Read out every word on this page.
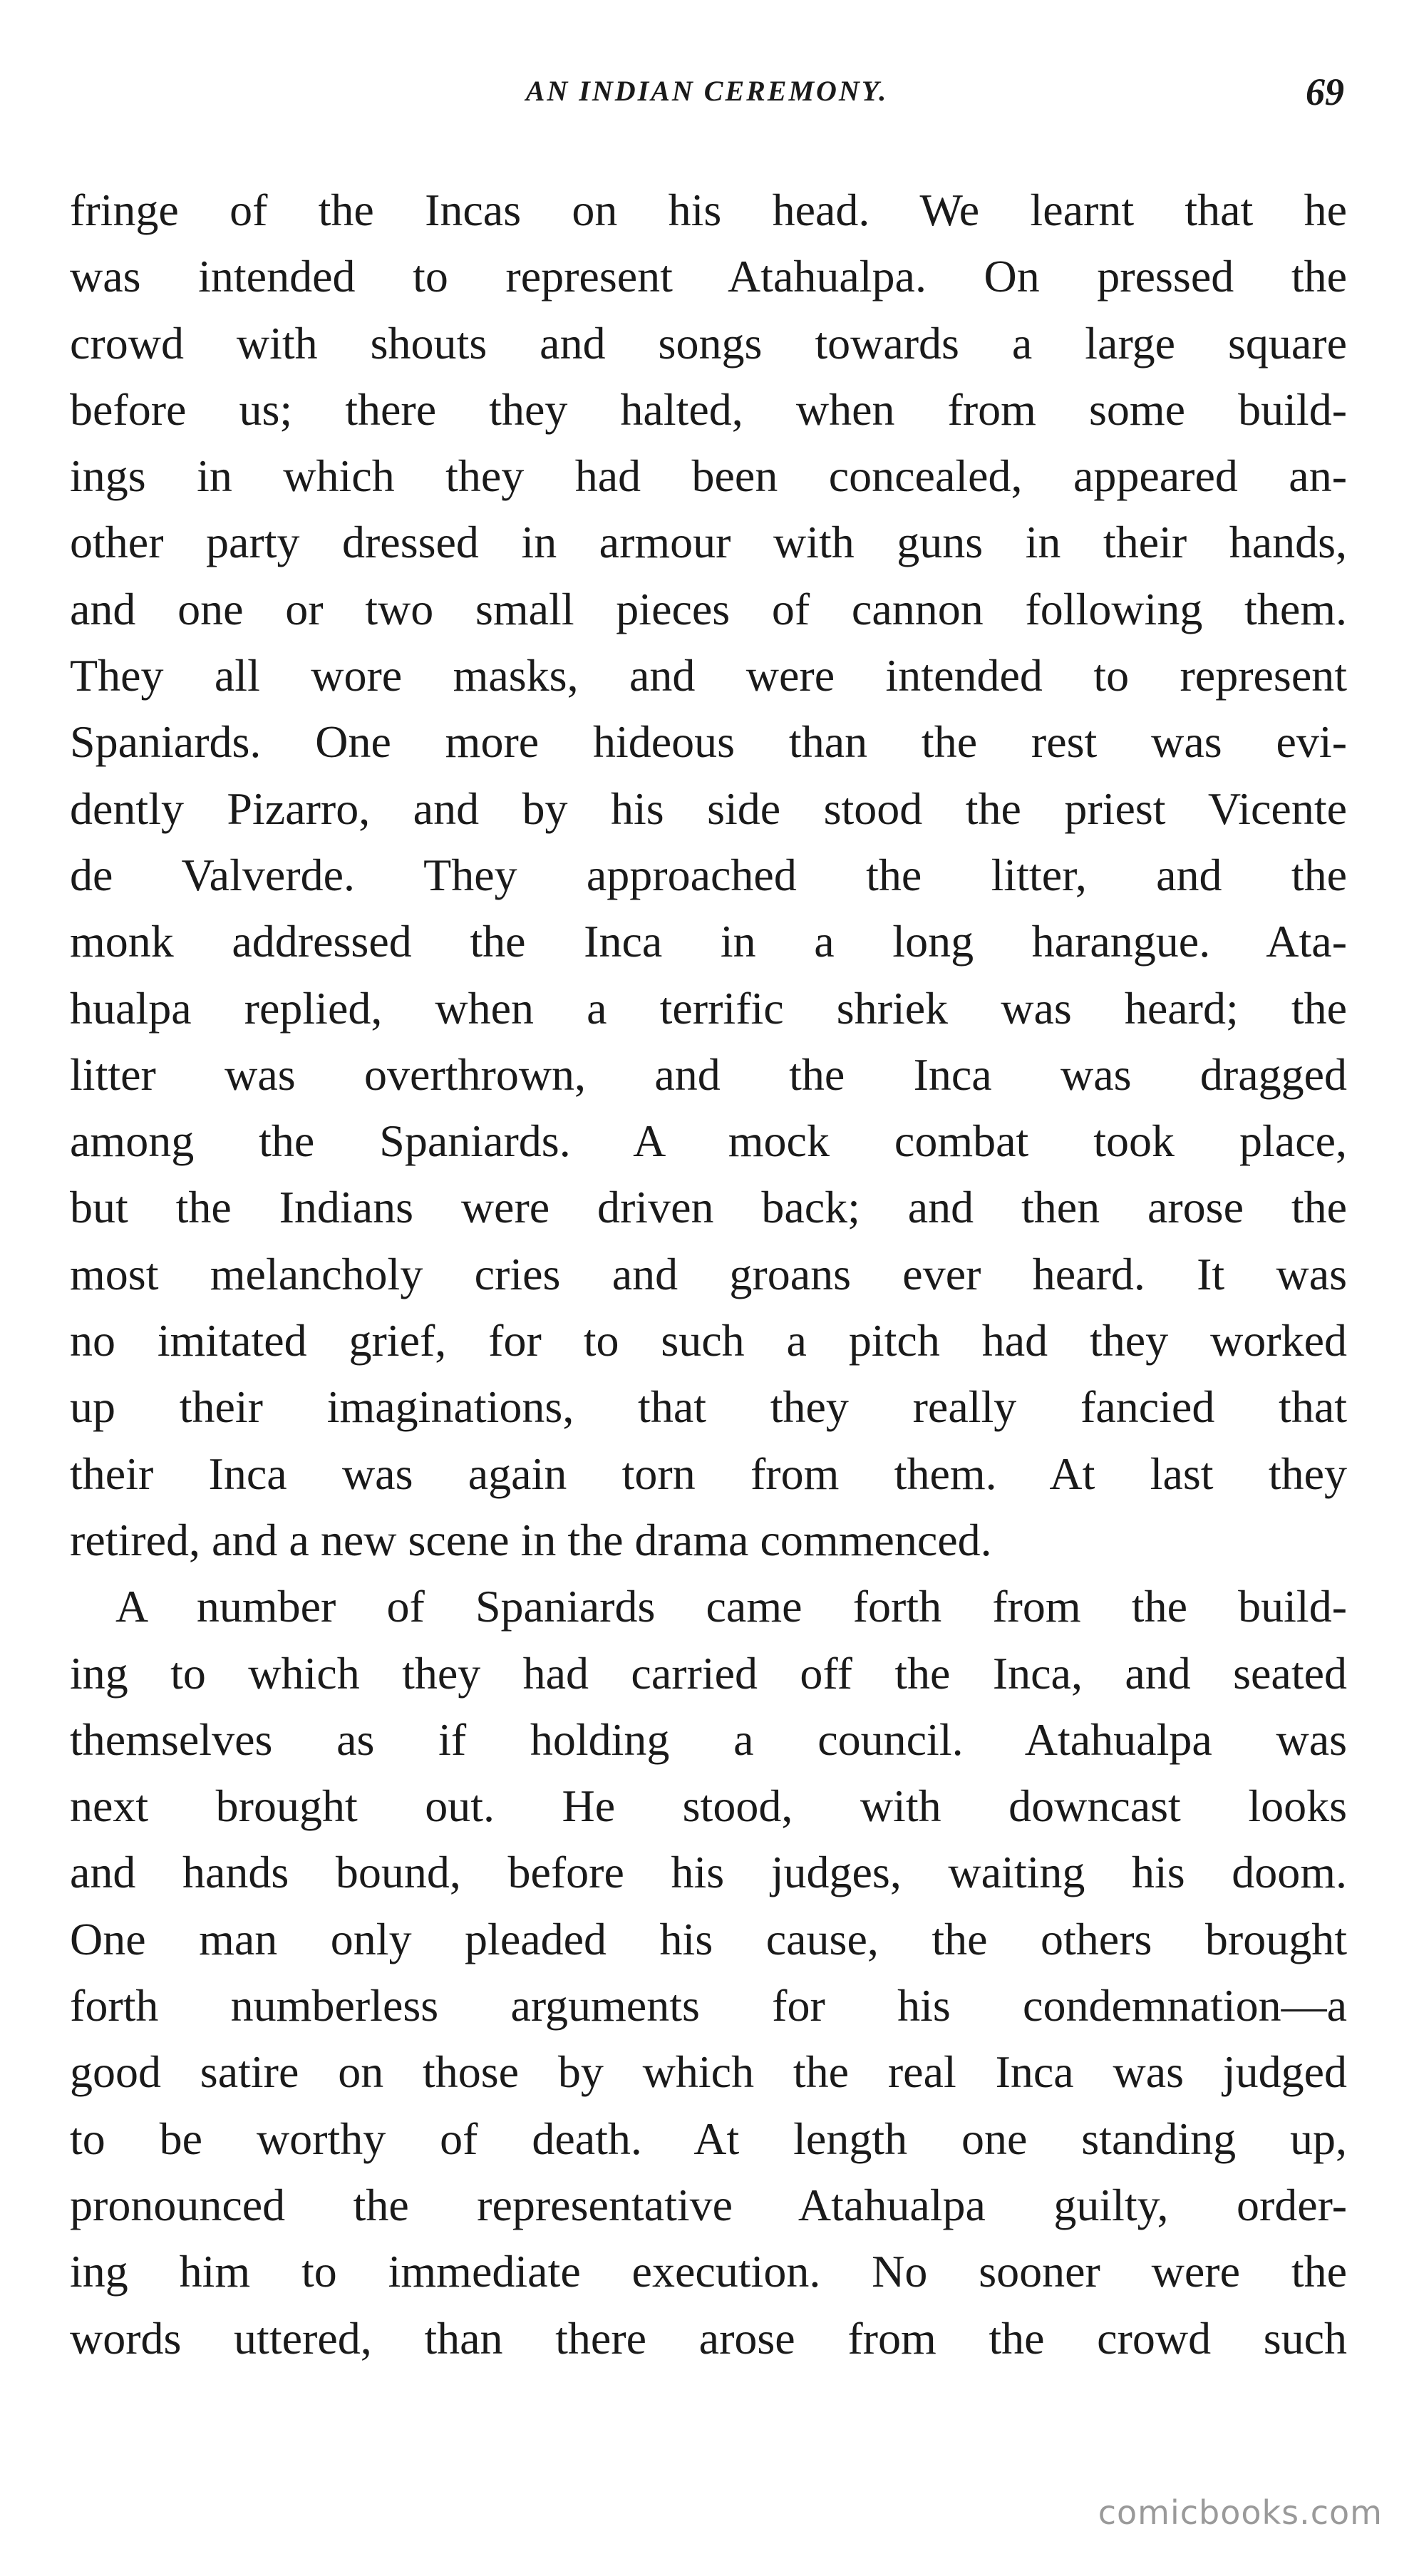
AN INDIAN CEREMONY.	69
fringe of the Incas on his head. We learnt that he
was intended to represent Atahualpa. On pressed the
crowd with shouts and songs towards a large square
before us; there they halted, when from some build-
ings in which they had been concealed, appeared an-
other party dressed in armour with guns in their hands,
and one or two small pieces of cannon following them.
They all wore masks, and were intended to represent
Spaniards. One more hideous than the rest was evi-
dently Pizarro, and by his side stood the priest Vicente
de Valverde. They approached the litter, and the
monk addressed the Inca in a long harangue. Ata-
hualpa replied, when a terrific shriek was heard; the
litter was overthrown, and the Inca was dragged
among the Spaniards. A mock combat took place,
but the Indians were driven back; and then arose the
most melancholy cries and groans ever heard. It was
no imitated grief, for to such a pitch had they worked
up their imaginations, that they really fancied that
their Inca was again torn from them. At last they
retired, and a new scene in the drama commenced.
A number of Spaniards came forth from the build-
ing to which they had carried off the Inca, and seated
themselves as if holding a council. Atahualpa was
next brought out. He stood, with downcast looks
and hands bound, before his judges, waiting his doom.
One man only pleaded his cause, the others brought
forth numberless arguments for his condemnation—a
good satire on those by which the real Inca was judged
to be worthy of death. At length one standing up,
pronounced the representative Atahualpa guilty, order-
ing him to immediate execution. No sooner were the
words uttered, than there arose from the crowd such
comicbooks.com
